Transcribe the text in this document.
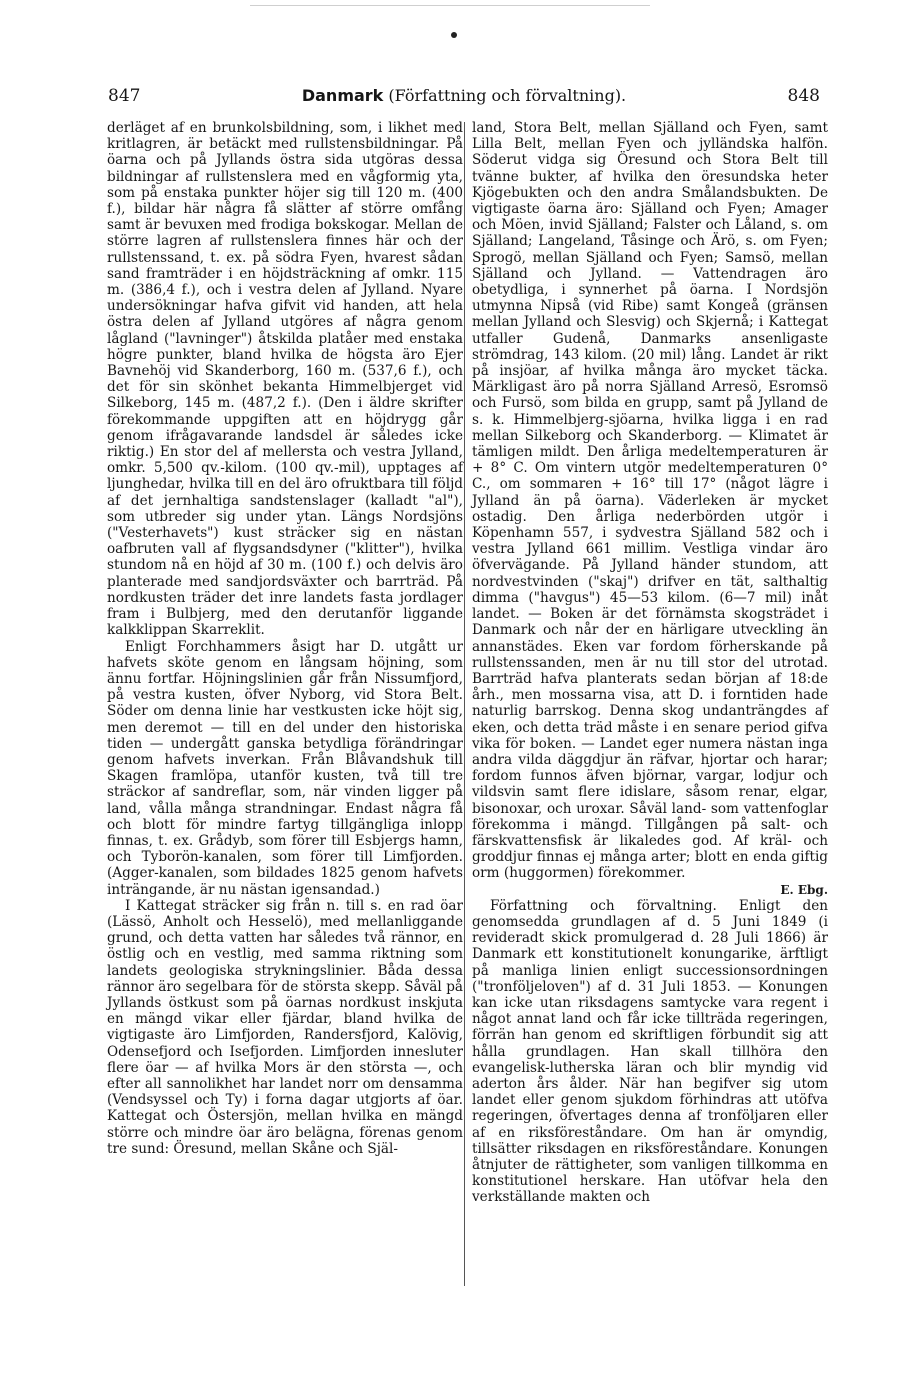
847	Danmark (Författning och förvaltning).	848

derläget af en brunkolsbildning, som, i likhet med kritlagren, är betäckt med rullstensbildningar. På öarna och på Jyllands östra sida utgöras dessa bildningar af rullstenslera med en vågformig yta, som på enstaka punkter höjer sig till 120 m. (400 f.), bildar här några få slätter af större omfång samt är bevuxen med frodiga bokskogar. Mellan de större lagren af rullstenslera finnes här och der rullstenssand, t. ex. på södra Fyen, hvarest sådan sand framträder i en höjdsträckning af omkr. 115 m. (386,4 f.), och i vestra delen af Jylland. Nyare undersökningar hafva gifvit vid handen, att hela östra delen af Jylland utgöres af några genom lågland ("lavninger") åtskilda platåer med enstaka högre punkter, bland hvilka de högsta äro Ejer Bavnehöj vid Skanderborg, 160 m. (537,6 f.), och det för sin skönhet bekanta Himmelbjerget vid Silkeborg, 145 m. (487,2 f.). (Den i äldre skrifter förekommande uppgiften att en höjdrygg går genom ifrågavarande landsdel är således icke riktig.) En stor del af mellersta och vestra Jylland, omkr. 5,500 qv.-kilom. (100 qv.-mil), upptages af ljunghedar, hvilka till en del äro ofruktbara till följd af det jernhaltiga sandstenslager (kalladt "al"), som utbreder sig under ytan. Längs Nordsjöns ("Vesterhavets") kust sträcker sig en nästan oafbruten vall af flygsandsdyner ("klitter"), hvilka stundom nå en höjd af 30 m. (100 f.) och delvis äro planterade med sandjordsväxter och barrträd. På nordkusten träder det inre landets fasta jordlager fram i Bulbjerg, med den derutanför liggande kalkklippan Skarreklit.

Enligt Forchhammers åsigt har D. utgått ur hafvets sköte genom en långsam höjning, som ännu fortfar. Höjningslinien går från Nissumfjord, på vestra kusten, öfver Nyborg, vid Stora Belt. Söder om denna linie har vestkusten icke höjt sig, men deremot — till en del under den historiska tiden — undergått ganska betydliga förändringar genom hafvets inverkan. Från Blåvandshuk till Skagen framlöpa, utanför kusten, två till tre sträckor af sandreflar, som, när vinden ligger på land, vålla många strandningar. Endast några få och blott för mindre fartyg tillgängliga inlopp finnas, t. ex. Grådyb, som förer till Esbjergs hamn, och Tyborön-kanalen, som förer till Limfjorden. (Agger-kanalen, som bildades 1825 genom hafvets inträngande, är nu nästan igensandad.)

I Kattegat sträcker sig från n. till s. en rad öar (Lässö, Anholt och Hesselö), med mellanliggande grund, och detta vatten har således två rännor, en östlig och en vestlig, med samma riktning som landets geologiska strykningslinier. Båda dessa rännor äro segelbara för de största skepp. Såväl på Jyllands östkust som på öarnas nordkust inskjuta en mängd vikar eller fjärdar, bland hvilka de vigtigaste äro Limfjorden, Randersfjord, Kalövig, Odensefjord och Isefjorden. Limfjorden innesluter flere öar — af hvilka Mors är den största —, och efter all sannolikhet har landet norr om densamma (Vendsyssel och Ty) i forna dagar utgjorts af öar. Kattegat och Östersjön, mellan hvilka en mängd större och mindre öar äro belägna, förenas genom tre sund: Öresund, mellan Skåne och Själ-

land, Stora Belt, mellan Själland och Fyen, samt Lilla Belt, mellan Fyen och jylländska halfön. Söderut vidga sig Öresund och Stora Belt till tvänne bukter, af hvilka den öresundska heter Kjögebukten och den andra Smålandsbukten. De vigtigaste öarna äro: Själland och Fyen; Amager och Möen, invid Själland; Falster och Låland, s. om Själland; Langeland, Tåsinge och Ärö, s. om Fyen; Sprogö, mellan Själland och Fyen; Samsö, mellan Själland och Jylland. — Vattendragen äro obetydliga, i synnerhet på öarna. I Nordsjön utmynna Nipså (vid Ribe) samt Kongeå (gränsen mellan Jylland och Slesvig) och Skjernå; i Kattegat utfaller Gudenå, Danmarks ansenligaste strömdrag, 143 kilom. (20 mil) lång. Landet är rikt på insjöar, af hvilka många äro mycket täcka. Märkligast äro på norra Själland Arresö, Esromsö och Fursö, som bilda en grupp, samt på Jylland de s. k. Himmelbjerg-sjöarna, hvilka ligga i en rad mellan Silkeborg och Skanderborg. — Klimatet är tämligen mildt. Den årliga medeltemperaturen är + 8° C. Om vintern utgör medeltemperaturen 0° C., om sommaren + 16° till 17° (något lägre i Jylland än på öarna). Väderleken är mycket ostadig. Den årliga nederbörden utgör i Köpenhamn 557, i sydvestra Själland 582 och i vestra Jylland 661 millim. Vestliga vindar äro öfvervägande. På Jylland händer stundom, att nordvestvinden ("skaj") drifver en tät, salthaltig dimma ("havgus") 45—53 kilom. (6—7 mil) inåt landet. — Boken är det förnämsta skogsträdet i Danmark och når der en härligare utveckling än annanstädes. Eken var fordom förherskande på rullstenssanden, men är nu till stor del utrotad. Barrträd hafva planterats sedan början af 18:de årh., men mossarna visa, att D. i forntiden hade naturlig barrskog. Denna skog undanträngdes af eken, och detta träd måste i en senare period gifva vika för boken. — Landet eger numera nästan inga andra vilda däggdjur än räfvar, hjortar och harar; fordom funnos äfven björnar, vargar, lodjur och vildsvin samt flere idislare, såsom renar, elgar, bisonoxar, och uroxar. Såväl land- som vattenfoglar förekomma i mängd. Tillgången på salt- och färskvattensfisk är likaledes god. Af kräl- och groddjur finnas ej många arter; blott en enda giftig orm (huggormen) förekommer.

E. Ebg.

Författning och förvaltning. Enligt den genomsedda grundlagen af d. 5 Juni 1849 (i revideradt skick promulgerad d. 28 Juli 1866) är Danmark ett konstitutionelt konungarike, ärftligt på manliga linien enligt successionsordningen ("tronföljeloven") af d. 31 Juli 1853. — Konungen kan icke utan riksdagens samtycke vara regent i något annat land och får icke tillträda regeringen, förrän han genom ed skriftligen förbundit sig att hålla grundlagen. Han skall tillhöra den evangelisk-lutherska läran och blir myndig vid aderton års ålder. När han begifver sig utom landet eller genom sjukdom förhindras att utöfva regeringen, öfvertages denna af tronföljaren eller af en riksföreståndare. Om han är omyndig, tillsätter riksdagen en riksföreståndare. Konungen åtnjuter de rättigheter, som vanligen tillkomma en konstitutionel herskare. Han utöfvar hela den verkställande makten och
